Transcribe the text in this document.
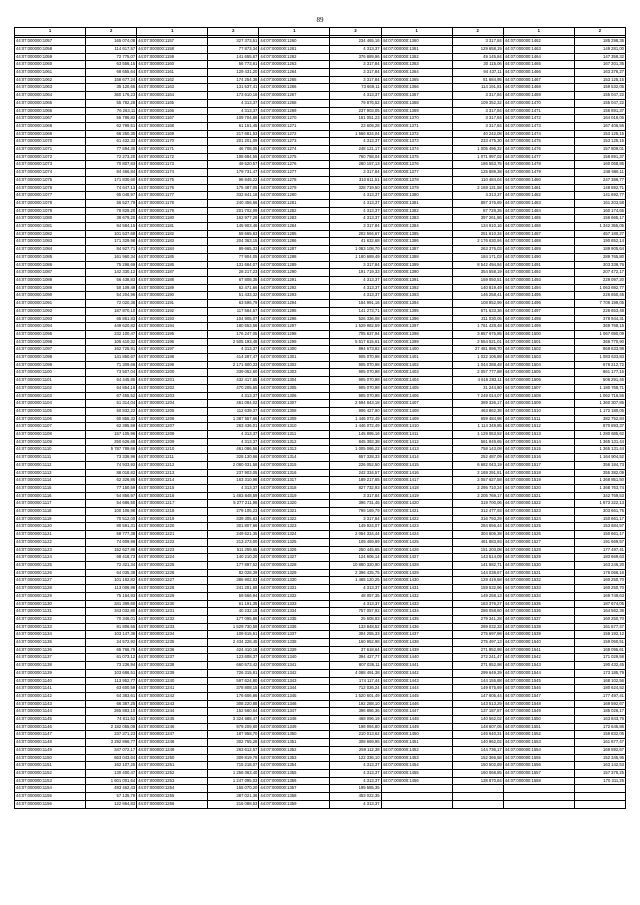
89
1	2	1	2	1	2	1	2	1	2

44:07:000000:1057	165 074,08	44:07:000000:1157	327 373,51	44:07:000000:1260	234 465,16	44:07:000000:1360	3 317,84	44:07:000000:1462	185 298,35
44:07:000000:1058	114 617,57	44:07:000000:1158	77 873,34	44:07:000000:1261	4 313,37	44:07:000000:1361	129 658,19	44:07:000000:1463	149 281,00
44:07:000000:1059	72 775,07	44:07:000000:1159	141 655,67	44:07:000000:1262	376 889,96	44:07:000000:1362	49 145,84	44:07:000000:1464	147 358,32
44:07:000000:1060	63 556,15	44:07:000000:1160	56 773,61	44:07:000000:1263	3 317,84	44:07:000000:1363	30 115,06	44:07:000000:1465	167 201,35
44:07:000000:1061	68 655,64	44:07:000000:1161	129 431,20	44:07:000000:1264	3 317,84	44:07:000000:1364	94 437,11	44:07:000000:1466	163 376,27
44:07:000000:1062	158 677,24	44:07:000000:1162	174 254,38	44:07:000000:1265	3 317,84	44:07:000000:1365	81 684,95	44:07:000000:1467	153 125,15
44:07:000000:1063	35 120,65	44:07:000000:1163	131 537,41	44:07:000000:1266	73 669,11	44:07:000000:1366	114 191,81	44:07:000000:1468	159 532,05
44:07:000000:1064	360 176,23	44:07:000000:1164	173 610,16	44:07:000000:1267	4 313,37	44:07:000000:1367	3 317,84	44:07:000000:1469	155 047,22
44:07:000000:1065	55 782,28	44:07:000000:1165	4 313,37	44:07:000000:1268	79 876,52	44:07:000000:1368	109 352,32	44:07:000000:1470	155 047,22
44:07:000000:1066	76 263,11	44:07:000000:1166	4 313,37	44:07:000000:1269	237 903,05	44:07:000000:1369	3 317,84	44:07:000000:1471	156 891,37
44:07:000000:1067	55 786,82	44:07:000000:1167	109 704,88	44:07:000000:1270	151 051,23	44:07:000000:1370	3 317,84	44:07:000000:1472	164 016,05
44:07:000000:1068	62 799,51	44:07:000000:1168	61 151,45	44:07:000000:1271	23 609,28	44:07:000000:1371	3 317,84	44:07:000000:1473	167 406,55
44:07:000000:1069	66 250,35	44:07:000000:1169	217 681,53	44:07:000000:1272	1 566 824,04	44:07:000000:1372	40 242,08	44:07:000000:1474	153 125,15
44:07:000000:1070	61 432,33	44:07:000000:1170	201 201,09	44:07:000000:1273	4 313,37	44:07:000000:1373	233 475,30	44:07:000000:1475	153 125,15
44:07:000000:1071	77 594,30	44:07:000000:1171	46 708,05	44:07:000000:1274	248 121,17	44:07:000000:1374	1 005 496,32	44:07:000000:1476	157 809,01
44:07:000000:1072	72 273,20	44:07:000000:1172	198 684,55	44:07:000000:1275	760 758,04	44:07:000000:1375	1 071 997,02	44:07:000000:1477	158 891,37
44:07:000000:1073	70 807,83	44:07:000000:1173	49 520,57	44:07:000000:1276	280 157,13	44:07:000000:1376	186 553,75	44:07:000000:1478	160 068,85
44:07:000000:1074	84 466,84	44:07:000000:1174	179 731,47	44:07:000000:1277	3 317,84	44:07:000000:1377	125 889,38	44:07:000000:1479	248 666,11
44:07:000000:1075	171 830,60	44:07:000000:1175	98 845,22	44:07:000000:1278	310 611,51	44:07:000000:1378	110 484,04	44:07:000000:1480	247 386,77
44:07:000000:1076	74 647,13	44:07:000000:1176	175 487,05	44:07:000000:1279	328 719,50	44:07:000000:1379	2 168 131,58	44:07:000000:1481	148 592,71
44:07:000000:1077	65 048,97	44:07:000000:1177	332 841,18	44:07:000000:1280	4 313,37	44:07:000000:1380	4 313,37	44:07:000000:1482	141 692,77
44:07:000000:1078	56 527,79	44:07:000000:1178	240 456,66	44:07:000000:1281	4 313,37	44:07:000000:1381	887 376,69	44:07:000000:1483	161 203,58
44:07:000000:1079	78 829,20	44:07:000000:1179	201 702,09	44:07:000000:1282	4 313,37	44:07:000000:1382	87 728,35	44:07:000000:1484	160 174,65
44:07:000000:1080	38 679,20	44:07:000000:1180	162 977,28	44:07:000000:1283	4 313,37	44:07:000000:1383	397 261,86	44:07:000000:1485	156 665,17
44:07:000000:1081	84 584,15	44:07:000000:1181	145 903,46	44:07:000000:1284	3 317,84	44:07:000000:1384	134 910,16	44:07:000000:1486	1 342 355,05
44:07:000000:1082	101 537,68	44:07:000000:1182	58 665,63	44:07:000000:1285	202 594,67	44:07:000000:1385	251 610,34	44:07:000000:1487	457 180,27
44:07:000000:1083	171 329,98	44:07:000000:1183	204 363,15	44:07:000000:1286	41 632,68	44:07:000000:1386	2 176 630,94	44:07:000000:1488	190 652,14
44:07:000000:1084	84 927,71	44:07:000000:1184	89 665,33	44:07:000000:1287	1 083 108,70	44:07:000000:1387	263 376,03	44:07:000000:1489	189 905,64
44:07:000000:1085	161 960,34	44:07:000000:1185	77 904,05	44:07:000000:1288	1 180 689,49	44:07:000000:1388	184 171,03	44:07:000000:1490	289 765,80
44:07:000000:1086	75 298,69	44:07:000000:1186	131 684,07	44:07:000000:1289	3 317,84	44:07:000000:1389	8 542 494,84	44:07:000000:1491	303 338,76
44:07:000000:1087	142 330,12	44:07:000000:1187	28 217,23	44:07:000000:1290	191 719,33	44:07:000000:1390	354 558,19	44:07:000000:1492	207 472,17
44:07:000000:1088	56 438,83	44:07:000000:1188	67 808,35	44:07:000000:1291	4 313,37	44:07:000000:1391	159 050,51	44:07:000000:1493	229 097,20
44:07:000000:1089	50 109,49	44:07:000000:1189	62 471,66	44:07:000000:1292	4 313,37	44:07:000000:1392	140 819,49	44:07:000000:1494	1 063 692,77
44:07:000000:1090	54 204,96	44:07:000000:1190	51 433,32	44:07:000000:1293	4 313,37	44:07:000000:1393	146 258,41	44:07:000000:1495	226 650,45
44:07:000000:1091	72 020,38	44:07:000000:1191	63 596,79	44:07:000000:1294	164 991,16	44:07:000000:1394	108 852,99	44:07:000000:1496	7 709 199,05
44:07:000000:1092	187 870,10	44:07:000000:1192	117 584,57	44:07:000000:1295	141 273,71	44:07:000000:1395	671 633,36	44:07:000000:1497	226 653,48
44:07:000000:1093	65 861,83	44:07:000000:1193	104 905,07	44:07:000000:1296	526 336,08	44:07:000000:1396	311 030,05	44:07:000000:1498	378 944,31
44:07:000000:1094	449 620,82	44:07:000000:1194	180 553,56	44:07:000000:1297	1 529 982,59	44:07:000000:1397	1 761 428,48	44:07:000000:1499	369 768,15
44:07:000000:1095	232 100,47	44:07:000000:1195	176 247,05	44:07:000000:1298	705 637,94	44:07:000000:1398	3 857 675,85	44:07:000000:1500	1 067 690,09
44:07:000000:1096	105 410,32	44:07:000000:1196	2 505 193,48	44:07:000000:1299	5 517 615,61	44:07:000000:1399	2 554 521,01	44:07:000000:1501	366 770,90
44:07:000000:1097	162 725,91	44:07:000000:1197	4 313,37	44:07:000000:1300	894 673,82	44:07:000000:1400	27 481 896,70	44:07:000000:1502	868 633,98
44:07:000000:1098	141 850,67	44:07:000000:1198	414 287,47	44:07:000000:1301	905 070,98	44:07:000000:1401	1 022 106,88	44:07:000000:1503	1 083 633,83
44:07:000000:1099	71 309,66	44:07:000000:1199	2 171 600,33	44:07:000000:1302	905 070,98	44:07:000000:1402	1 044 288,48	44:07:000000:1504	676 212,72
44:07:000000:1100	73 507,04	44:07:000000:1200	339 052,60	44:07:000000:1303	905 070,98	44:07:000000:1403	2 057 777,88	44:07:000000:1505	861 177,15
44:07:000000:1101	64 445,85	44:07:000000:1201	432 417,65	44:07:000000:1304	905 070,98	44:07:000000:1404	4 616 283,11	44:07:000000:1506	506 291,46
44:07:000000:1102	64 854,18	44:07:000000:1202	470 205,65	44:07:000000:1305	905 070,98	44:07:000000:1405	31 244,80	44:07:000000:1507	1 180 768,71
44:07:000000:1103	67 455,52	44:07:000000:1203	4 313,37	44:07:000000:1306	905 070,98	44:07:000000:1406	7 249 014,07	44:07:000000:1508	1 062 716,55
44:07:000000:1104	51 314,04	44:07:000000:1204	461 084,02	44:07:000000:1307	2 594 843,18	44:07:000000:1407	389 326,17	44:07:000000:1509	1 360 307,85
44:07:000000:1105	50 832,22	44:07:000000:1205	112 639,37	44:07:000000:1308	906 427,90	44:07:000000:1408	463 862,35	44:07:000000:1510	1 172 180,05
44:07:000000:1106	60 855,32	44:07:000000:1206	1 387 557,66	44:07:000000:1309	1 446 072,49	44:07:000000:1409	659 484,98	44:07:000000:1511	382 752,84
44:07:000000:1107	62 395,59	44:07:000000:1207	263 436,01	44:07:000000:1310	1 446 072,49	44:07:000000:1410	1 114 349,85	44:07:000000:1512	870 893,37
44:07:000000:1108	157 105,96	44:07:000000:1208	4 313,37	44:07:000000:1311	145 895,16	44:07:000000:1411	1 129 553,52	44:07:000000:1513	1 280 685,62
44:07:000000:1109	250 626,68	44:07:000000:1209	4 313,37	44:07:000000:1312	845 393,38	44:07:000000:1412	561 849,65	44:07:000000:1514	1 365 131,44
44:07:000000:1110	5 787 789,66	44:07:000000:1210	461 086,56	44:07:000000:1313	1 005 066,22	44:07:000000:1413	758 143,08	44:07:000000:1515	1 365 131,44
44:07:000000:1111	73 336,96	44:07:000000:1211	326 130,66	44:07:000000:1314	657 328,33	44:07:000000:1414	252 487,09	44:07:000000:1516	1 164 904,52
44:07:000000:1112	74 933,92	44:07:000000:1212	2 080 031,58	44:07:000000:1315	226 052,50	44:07:000000:1415	6 682 043,19	44:07:000000:1517	356 184,73
44:07:000000:1113	88 018,82	44:07:000000:1213	237 903,05	44:07:000000:1316	242 334,57	44:07:000000:1416	2 169 291,81	44:07:000000:1518	355 382,09
44:07:000000:1114	62 326,86	44:07:000000:1214	163 310,98	44:07:000000:1317	189 217,65	44:07:000000:1417	2 057 627,58	44:07:000000:1519	1 368 851,50
44:07:000000:1115	77 150,59	44:07:000000:1215	4 313,37	44:07:000000:1318	827 732,93	44:07:000000:1418	2 295 710,24	44:07:000000:1520	1 368 763,74
44:07:000000:1116	54 856,97	44:07:000000:1216	1 483 848,59	44:07:000000:1319	3 317,84	44:07:000000:1419	2 205 769,17	44:07:000000:1521	342 769,53
44:07:000000:1117	54 686,50	44:07:000000:1217	5 277 211,98	44:07:000000:1320	396 731,45	44:07:000000:1420	319 700,06	44:07:000000:1522	1 873 222,13
44:07:000000:1118	100 106,98	44:07:000000:1218	279 105,23	44:07:000000:1321	799 169,79	44:07:000000:1421	312 477,93	44:07:000000:1523	303 661,75
44:07:000000:1119	70 512,00	44:07:000000:1219	339 305,83	44:07:000000:1322	3 317,84	44:07:000000:1422	316 793,29	44:07:000000:1524	150 661,17
44:07:000000:1120	80 591,31	44:07:000000:1220	301 807,66	44:07:000000:1323	149 924,07	44:07:000000:1423	284 656,44	44:07:000000:1525	153 684,57
44:07:000000:1121	58 777,38	44:07:000000:1221	249 621,35	44:07:000000:1324	2 054 324,44	44:07:000000:1424	304 606,38	44:07:000000:1526	150 661,17
44:07:000000:1122	74 609,99	44:07:000000:1222	213 273,00	44:07:000000:1325	109 469,89	44:07:000000:1425	461 883,93	44:07:000000:1527	191 669,57
44:07:000000:1123	152 627,86	44:07:000000:1223	511 259,65	44:07:000000:1326	250 445,65	44:07:000000:1426	151 203,08	44:07:000000:1528	177 497,41
44:07:000000:1124	68 416,73	44:07:000000:1224	140 210,20	44:07:000000:1327	124 606,14	44:07:000000:1427	143 514,09	44:07:000000:1529	183 669,63
44:07:000000:1125	72 321,34	44:07:000000:1225	177 897,52	44:07:000000:1328	10 880 320,90	44:07:000000:1428	141 682,71	44:07:000000:1530	163 246,20
44:07:000000:1126	64 035,38	44:07:000000:1226	82 028,39	44:07:000000:1329	2 396 425,75	44:07:000000:1429	144 038,67	44:07:000000:1531	176 066,16
44:07:000000:1127	101 182,82	44:07:000000:1227	385 902,83	44:07:000000:1330	1 465 120,25	44:07:000000:1430	129 419,58	44:07:000000:1532	160 250,70
44:07:000000:1128	113 006,98	44:07:000000:1228	241 201,68	44:07:000000:1331	4 313,37	44:07:000000:1431	159 532,96	44:07:000000:1533	160 250,70
44:07:000000:1129	75 164,93	44:07:000000:1229	59 566,94	44:07:000000:1332	48 057,35	44:07:000000:1432	149 258,13	44:07:000000:1534	169 749,63
44:07:000000:1130	341 399,60	44:07:000000:1230	61 191,35	44:07:000000:1333	4 313,37	44:07:000000:1433	163 376,27	44:07:000000:1535	187 674,05
44:07:000000:1131	343 032,80	44:07:000000:1231	40 232,18	44:07:000000:1334	757 057,92	44:07:000000:1434	286 058,60	44:07:000000:1536	164 562,36
44:07:000000:1132	70 346,01	44:07:000000:1232	177 095,88	44:07:000000:1335	25 608,83	44:07:000000:1435	279 341,28	44:07:000000:1537	160 250,70
44:07:000000:1133	81 806,55	44:07:000000:1233	1 529 730,58	44:07:000000:1336	133 848,52	44:07:000000:1436	289 032,33	44:07:000000:1538	161 677,47
44:07:000000:1134	103 147,36	44:07:000000:1234	109 615,51	44:07:000000:1337	304 255,33	44:07:000000:1437	275 697,98	44:07:000000:1539	159 192,12
44:07:000000:1135	24 572,92	44:07:000000:1235	2 434 228,45	44:07:000000:1338	160 952,98	44:07:000000:1438	275 497,13	44:07:000000:1540	159 050,51
44:07:000000:1136	65 766,79	44:07:000000:1236	424 410,18	44:07:000000:1339	37 618,64	44:07:000000:1439	271 852,98	44:07:000000:1541	168 095,61
44:07:000000:1137	61 073,12	44:07:000000:1237	123 608,37	44:07:000000:1340	394 427,77	44:07:000000:1440	272 241,47	44:07:000000:1542	171 029,58
44:07:000000:1138	73 236,94	44:07:000000:1238	660 573,42	44:07:000000:1341	807 036,11	44:07:000000:1441	271 852,98	44:07:000000:1543	190 432,45
44:07:000000:1139	103 686,51	44:07:000000:1239	726 315,81	44:07:000000:1342	4 068 491,38	44:07:000000:1442	299 649,39	44:07:000000:1544	173 185,79
44:07:000000:1140	113 952,77	44:07:000000:1240	597 624,80	44:07:000000:1343	174 117,44	44:07:000000:1443	144 155,88	44:07:000000:1545	168 102,56
44:07:000000:1141	63 600,59	44:07:000000:1241	378 808,15	44:07:000000:1344	712 026,24	44:07:000000:1444	149 675,69	44:07:000000:1546	180 624,52
44:07:000000:1142	64 383,61	44:07:000000:1242	176 606,66	44:07:000000:1345	1 520 601,49	44:07:000000:1445	147 605,44	44:07:000000:1547	177 497,41
44:07:000000:1143	66 387,25	44:07:000000:1243	308 220,88	44:07:000000:1346	192 288,10	44:07:000000:1446	143 513,29	44:07:000000:1548	169 592,67
44:07:000000:1144	265 883,10	44:07:000000:1244	152 560,64	44:07:000000:1347	396 886,36	44:07:000000:1447	137 187,87	44:07:000000:1549	185 026,17
44:07:000000:1145	74 811,52	44:07:000000:1245	3 324 688,47	44:07:000000:1348	468 096,19	44:07:000000:1448	140 562,02	44:07:000000:1550	163 843,76
44:07:000000:1146	2 182 055,08	44:07:000000:1246	979 209,80	44:07:000000:1349	196 094,80	44:07:000000:1449	148 607,05	44:07:000000:1551	172 645,86
44:07:000000:1147	237 371,23	44:07:000000:1247	187 958,70	44:07:000000:1350	210 013,62	44:07:000000:1450	146 640,31	44:07:000000:1552	159 832,05
44:07:000000:1148	3 292 866,77	44:07:000000:1248	302 755,28	44:07:000000:1351	308 669,95	44:07:000000:1451	140 962,02	44:07:000000:1553	161 677,47
44:07:000000:1149	347 072,17	44:07:000000:1249	263 612,57	44:07:000000:1352	259 112,38	44:07:000000:1452	144 736,17	44:07:000000:1554	169 592,67
44:07:000000:1150	663 043,64	44:07:000000:1250	309 819,78	44:07:000000:1353	122 336,10	44:07:000000:1453	152 366,58	44:07:000000:1555	152 345,95
44:07:000000:1151	162 107,25	44:07:000000:1251	715 218,07	44:07:000000:1354	4 313,37	44:07:000000:1454	150 502,69	44:07:000000:1556	163 142,53
44:07:000000:1152	130 400,47	44:07:000000:1252	1 256 063,40	44:07:000000:1355	4 313,37	44:07:000000:1455	160 068,85	44:07:000000:1557	157 376,25
44:07:000000:1153	1 601 001,64	44:07:000000:1253	1 247 095,03	44:07:000000:1356	4 313,37	44:07:000000:1456	138 870,84	44:07:000000:1558	170 311,25
44:07:000000:1154	493 462,43	44:07:000000:1254	155 070,20	44:07:000000:1357	199 585,35				
44:07:000000:1155	57 135,79	44:07:000000:1255	387 021,36	44:07:000000:1358	453 022,35				
44:07:000000:1156	122 864,83	44:07:000000:1256	216 088,53	44:07:000000:1359	4 313,37				
